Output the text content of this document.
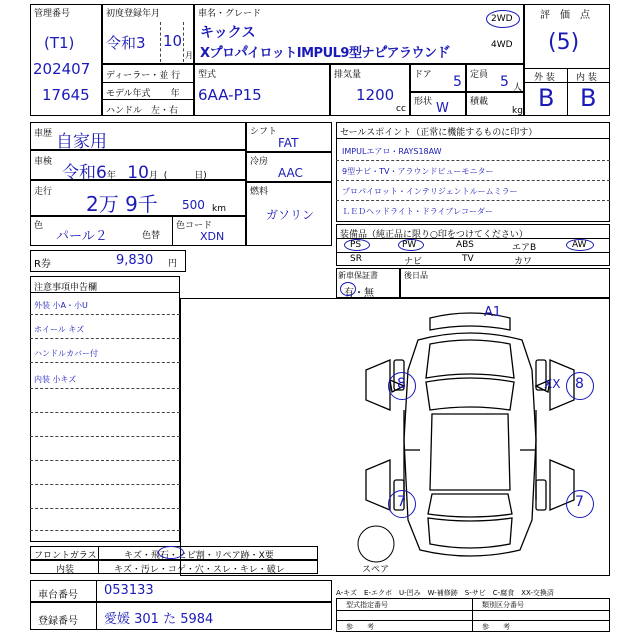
管理番号
(T1)
202407
17645
初度登録年月
令和3 10
月
車名・グレード
キックス
Xプ゚ロパ゚イロットIMPUL9型ナビ゚アラウンド゙
2WD
4WD
評　価　点
(5)
外 装 内 装
B B
ディーラー・並 行
モデル年式 年
ハンドル　左・右
型式
6AA-P15
排気量
1200
cc
ドア 5 定員 5 人
形状 W 積載
kg
車歴 自家用
車検
令和6年 10月 (　　　日)
走行 2万 9千 500 km
色
パール２	色替
色コード
XDN
シフト
FAT
冷房
AAC
燃料
ガソリン
R券	9,830 円
セールスポイント（正常に機能するものに印す）
IMPULエアロ・RAYS18AW
9型ナビ・TV・アラウンドビューモニター
プロパイロット・インテリジェントルームミラー
ＬＥＤヘッドライト・ドライブレコーダー
装備品（純正品に限り○印をつけてください）
PS	PW	ABS	エアB	AW
SR	ナビ	TV	カワ
新車保証書
有・無
後日品
注意事項申告欄
外装 小A・小U
ホイール キズ
ハンドルカバー付
内装 小キズ
A1
8	8
XX
7	7
スペア
フロントガラス	キズ・飛石・ヒビ割・リペア跡・X要
内装	キズ・汚レ・コゲ・穴・スレ・キレ・破レ
A-キズ　E-エクボ　U-凹み　W-補修跡　S-サビ　C-腐食　XX-交換済
車台番号 053133
登録番号 愛媛 301 た 5984
型式指定番号	類別区分番号
参　　考	参　　考
